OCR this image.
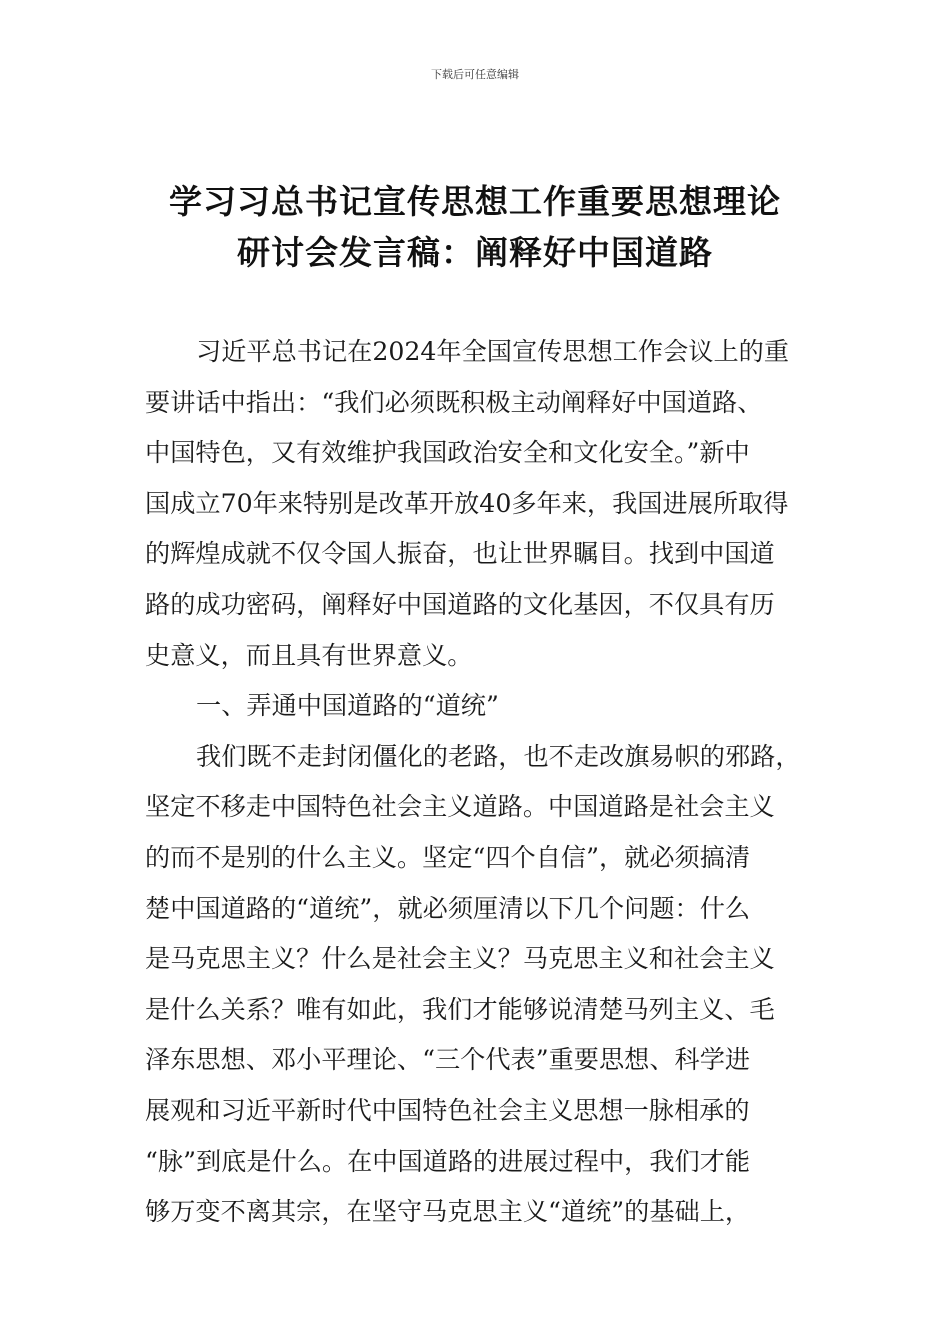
下载后可任意编辑
学习习总书记宣传思想工作重要思想理论
研讨会发言稿：阐释好中国道路
习近平总书记在2024年全国宣传思想工作会议上的重
要讲话中指出：“我们必须既积极主动阐释好中国道路、
中国特色，又有效维护我国政治安全和文化安全。”新中
国成立70年来特别是改革开放40多年来，我国进展所取得
的辉煌成就不仅令国人振奋，也让世界瞩目。找到中国道
路的成功密码，阐释好中国道路的文化基因，不仅具有历
史意义，而且具有世界意义。
一、弄通中国道路的“道统”
我们既不走封闭僵化的老路，也不走改旗易帜的邪路，
坚定不移走中国特色社会主义道路。中国道路是社会主义
的而不是别的什么主义。坚定“四个自信”，就必须搞清
楚中国道路的“道统”，就必须厘清以下几个问题：什么
是马克思主义？什么是社会主义？马克思主义和社会主义
是什么关系？唯有如此，我们才能够说清楚马列主义、毛
泽东思想、邓小平理论、“三个代表”重要思想、科学进
展观和习近平新时代中国特色社会主义思想一脉相承的
“脉”到底是什么。在中国道路的进展过程中，我们才能
够万变不离其宗，在坚守马克思主义“道统”的基础上，
